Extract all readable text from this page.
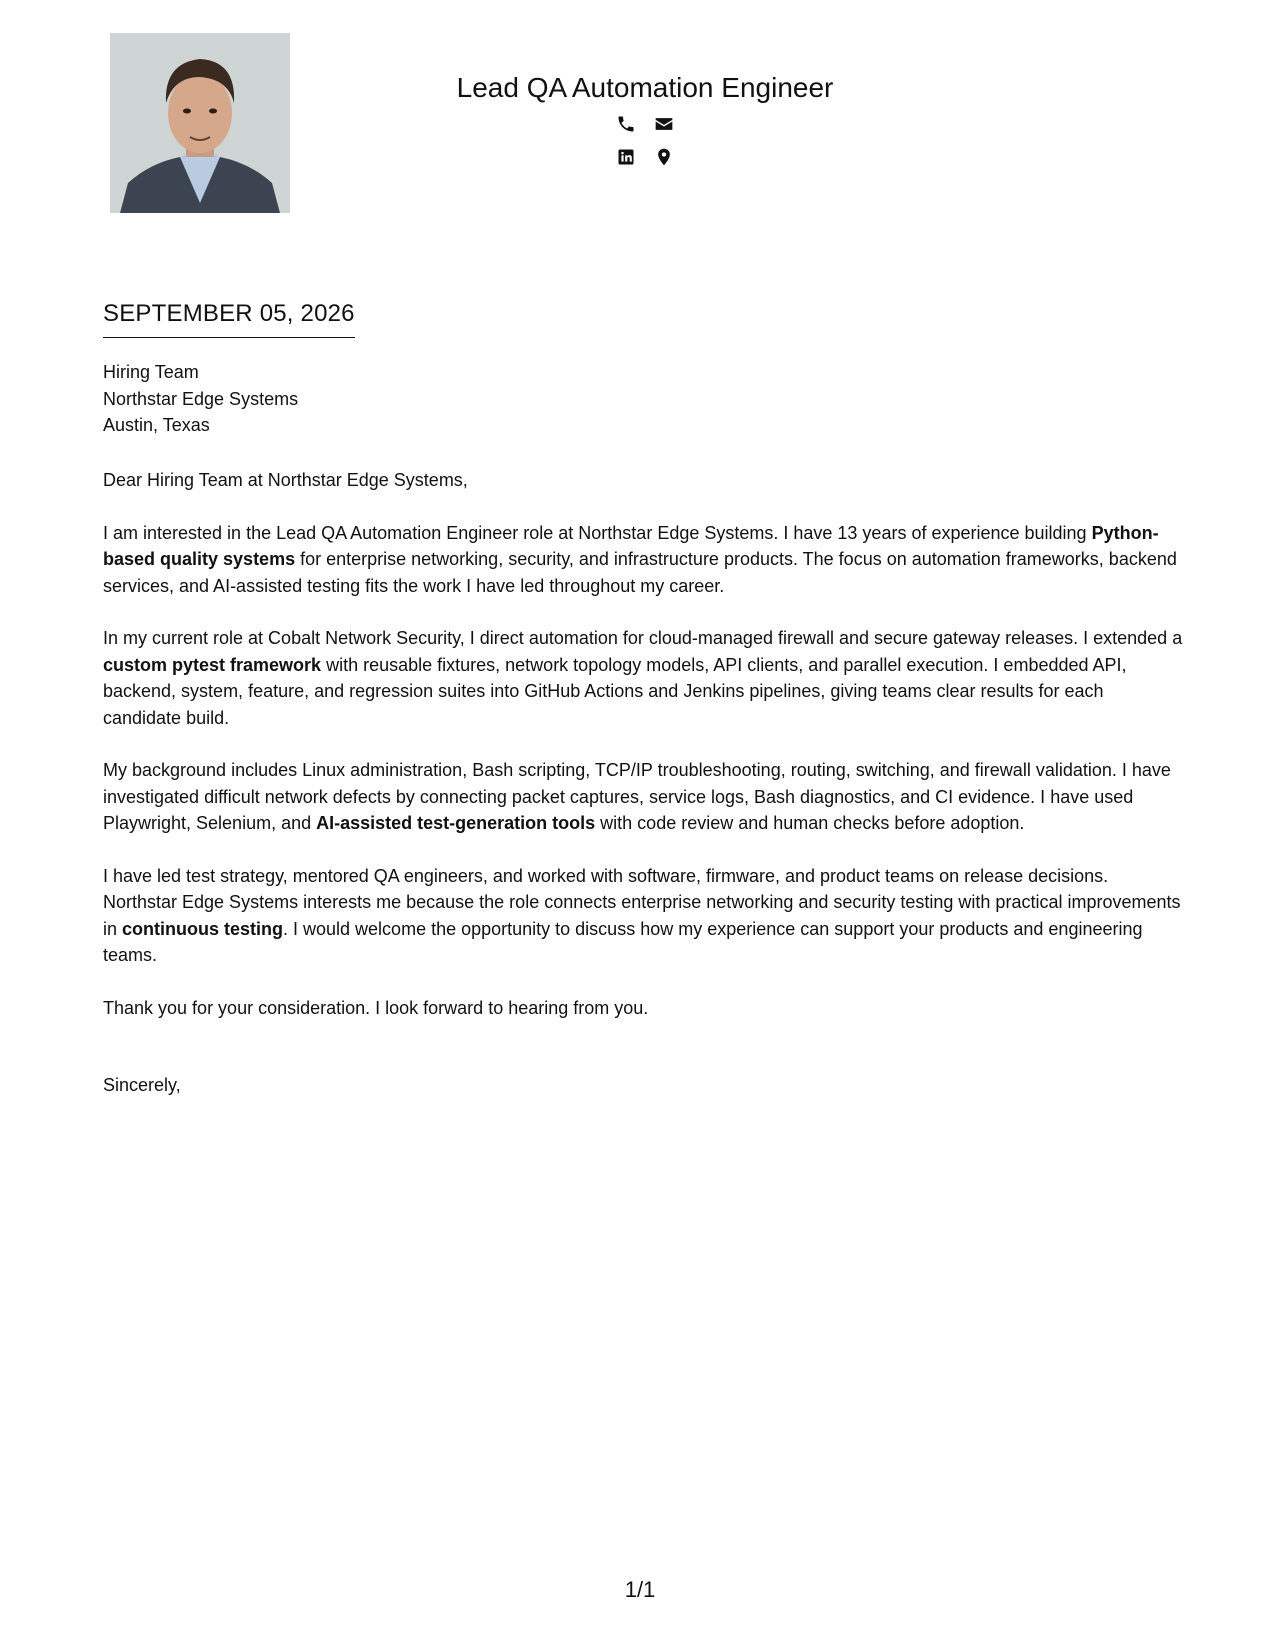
Lead QA Automation Engineer
SEPTEMBER 05, 2026
Hiring Team
Northstar Edge Systems
Austin, Texas

Dear Hiring Team at Northstar Edge Systems,

I am interested in the Lead QA Automation Engineer role at Northstar Edge Systems. I have 13 years of experience building Python-based quality systems for enterprise networking, security, and infrastructure products. The focus on automation frameworks, backend services, and AI-assisted testing fits the work I have led throughout my career.

In my current role at Cobalt Network Security, I direct automation for cloud-managed firewall and secure gateway releases. I extended a custom pytest framework with reusable fixtures, network topology models, API clients, and parallel execution. I embedded API, backend, system, feature, and regression suites into GitHub Actions and Jenkins pipelines, giving teams clear results for each candidate build.

My background includes Linux administration, Bash scripting, TCP/IP troubleshooting, routing, switching, and firewall validation. I have investigated difficult network defects by connecting packet captures, service logs, Bash diagnostics, and CI evidence. I have used Playwright, Selenium, and AI-assisted test-generation tools with code review and human checks before adoption.

I have led test strategy, mentored QA engineers, and worked with software, firmware, and product teams on release decisions. Northstar Edge Systems interests me because the role connects enterprise networking and security testing with practical improvements in continuous testing. I would welcome the opportunity to discuss how my experience can support your products and engineering teams.

Thank you for your consideration. I look forward to hearing from you.

Sincerely,
1/1
